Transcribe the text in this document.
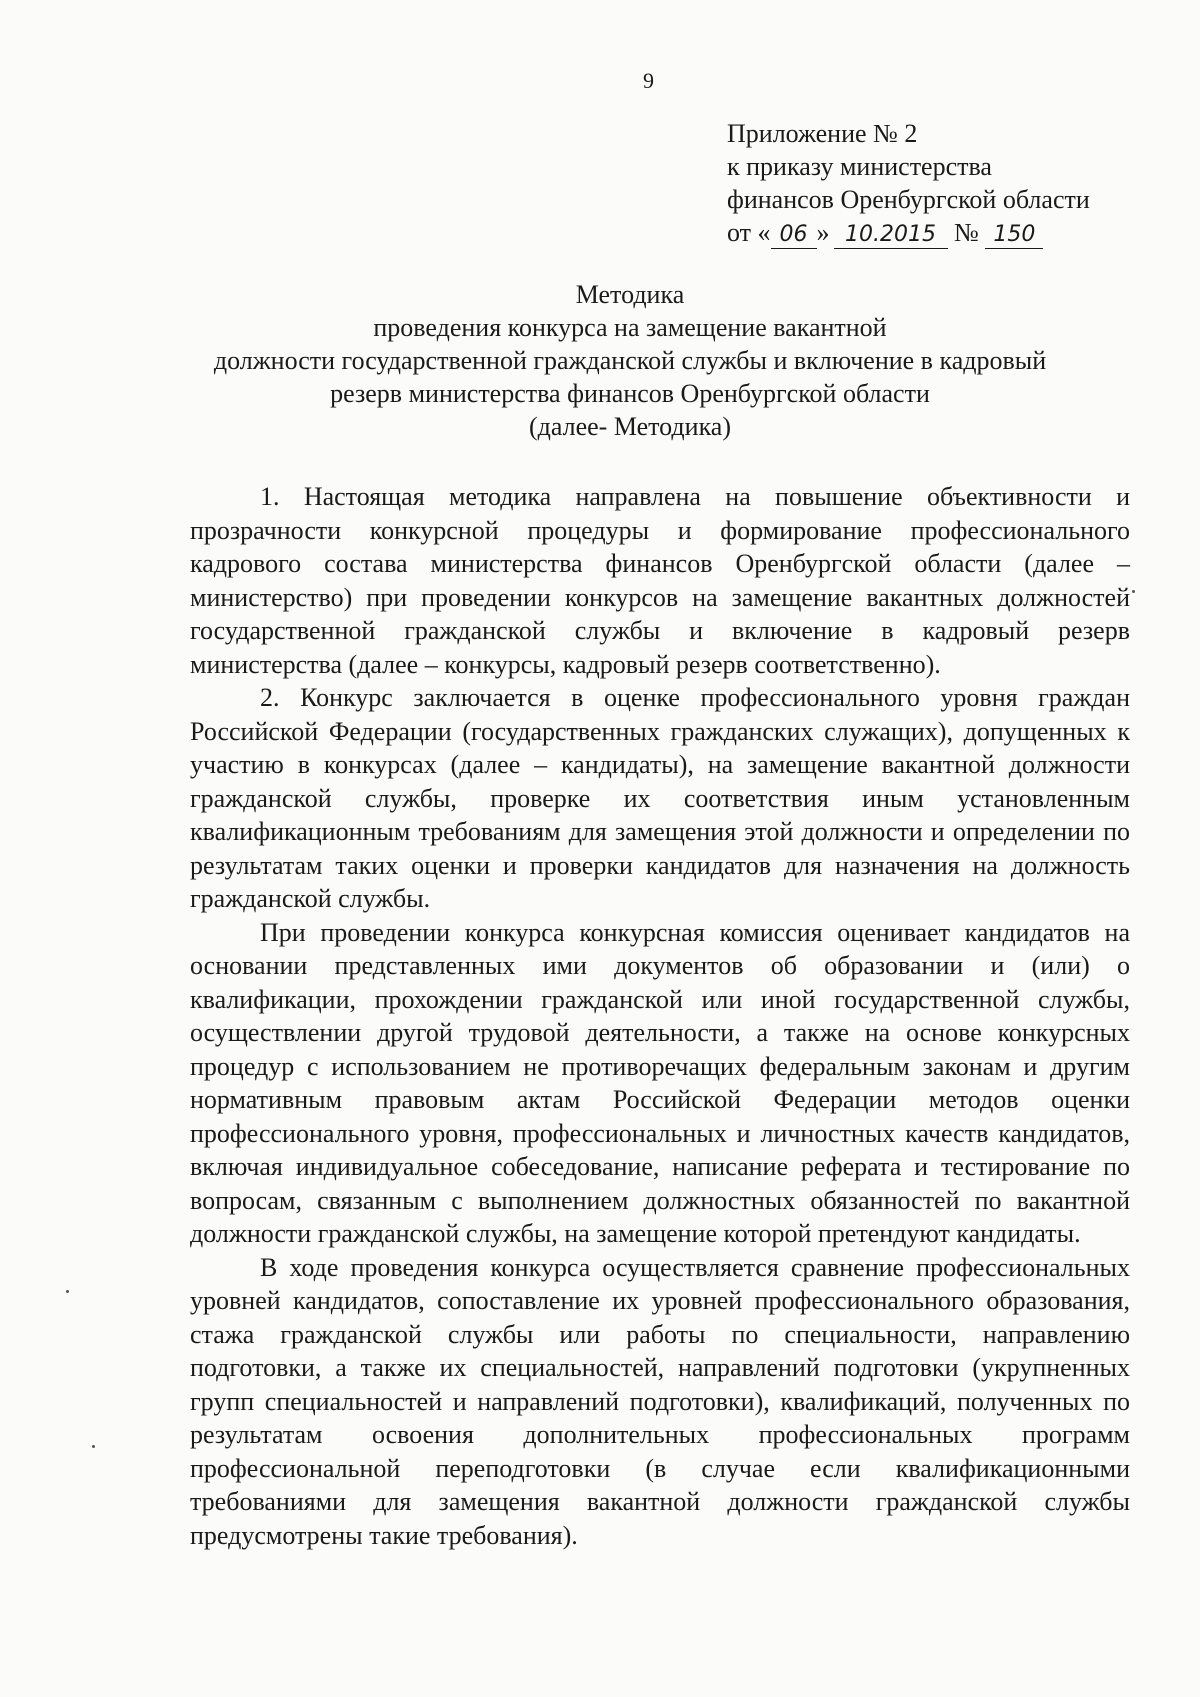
9
Приложение № 2
к приказу министерства
финансов Оренбургской области
от « 06 » 10.2015 № 150
Методика
проведения конкурса на замещение вакантной
должности государственной гражданской службы и включение в кадровый
резерв министерства финансов Оренбургской области
(далее- Методика)

1. Настоящая методика направлена на повышение объективности и прозрачности конкурсной процедуры и формирование профессионального кадрового состава министерства финансов Оренбургской области (далее – министерство) при проведении конкурсов на замещение вакантных должностей государственной гражданской службы и включение в кадровый резерв министерства (далее – конкурсы, кадровый резерв соответственно).

2. Конкурс заключается в оценке профессионального уровня граждан Российской Федерации (государственных гражданских служащих), допущенных к участию в конкурсах (далее – кандидаты), на замещение вакантной должности гражданской службы, проверке их соответствия иным установленным квалификационным требованиям для замещения этой должности и определении по результатам таких оценки и проверки кандидатов для назначения на должность гражданской службы.

При проведении конкурса конкурсная комиссия оценивает кандидатов на основании представленных ими документов об образовании и (или) о квалификации, прохождении гражданской или иной государственной службы, осуществлении другой трудовой деятельности, а также на основе конкурсных процедур с использованием не противоречащих федеральным законам и другим нормативным правовым актам Российской Федерации методов оценки профессионального уровня, профессиональных и личностных качеств кандидатов, включая индивидуальное собеседование, написание реферата и тестирование по вопросам, связанным с выполнением должностных обязанностей по вакантной должности гражданской службы, на замещение которой претендуют кандидаты.

В ходе проведения конкурса осуществляется сравнение профессиональных уровней кандидатов, сопоставление их уровней профессионального образования, стажа гражданской службы или работы по специальности, направлению подготовки, а также их специальностей, направлений подготовки (укрупненных групп специальностей и направлений подготовки), квалификаций, полученных по результатам освоения дополнительных профессиональных программ профессиональной переподготовки (в случае если квалификационными требованиями для замещения вакантной должности гражданской службы предусмотрены такие требования).
